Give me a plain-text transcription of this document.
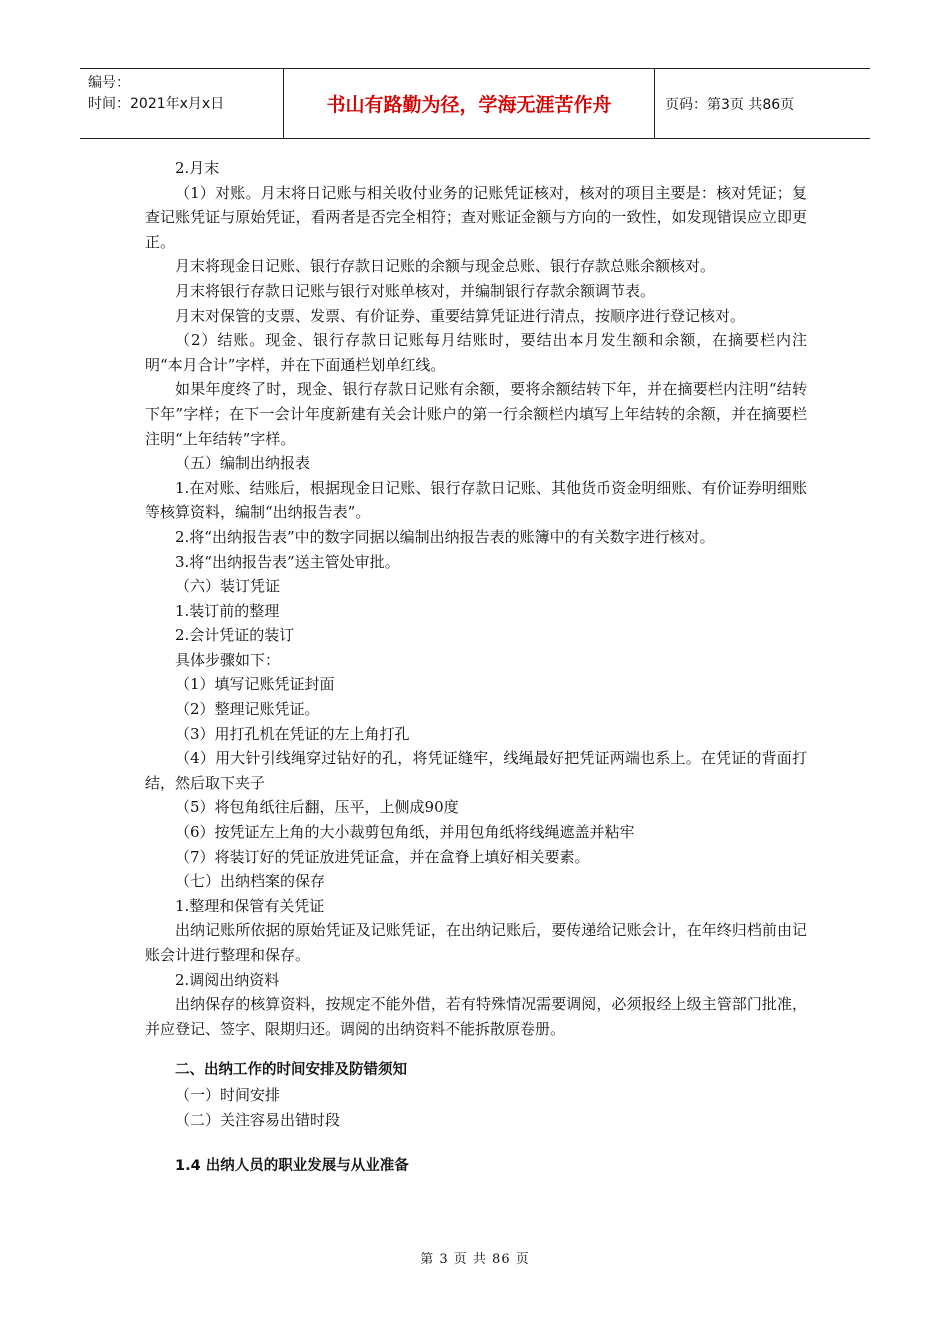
编号：
时间：2021年x月x日	书山有路勤为径，学海无涯苦作舟	页码：第3页 共86页

2.月末

（1）对账。月末将日记账与相关收付业务的记账凭证核对，核对的项目主要是：核对凭证；复查记账凭证与原始凭证，看两者是否完全相符；查对账证金额与方向的一致性，如发现错误应立即更正。

月末将现金日记账、银行存款日记账的余额与现金总账、银行存款总账余额核对。

月末将银行存款日记账与银行对账单核对，并编制银行存款余额调节表。

月末对保管的支票、发票、有价证券、重要结算凭证进行清点，按顺序进行登记核对。

（2）结账。现金、银行存款日记账每月结账时，要结出本月发生额和余额，在摘要栏内注明“本月合计”字样，并在下面通栏划单红线。

如果年度终了时，现金、银行存款日记账有余额，要将余额结转下年，并在摘要栏内注明“结转下年”字样；在下一会计年度新建有关会计账户的第一行余额栏内填写上年结转的余额，并在摘要栏注明“上年结转”字样。

（五）编制出纳报表

1.在对账、结账后，根据现金日记账、银行存款日记账、其他货币资金明细账、有价证券明细账等核算资料，编制“出纳报告表”。

2.将“出纳报告表”中的数字同据以编制出纳报告表的账簿中的有关数字进行核对。

3.将“出纳报告表”送主管处审批。

（六）装订凭证

1.装订前的整理

2.会计凭证的装订

具体步骤如下：

（1）填写记账凭证封面

（2）整理记账凭证。

（3）用打孔机在凭证的左上角打孔

（4）用大针引线绳穿过钻好的孔，将凭证缝牢，线绳最好把凭证两端也系上。在凭证的背面打结，然后取下夹子

（5）将包角纸往后翻，压平，上侧成90度

（6）按凭证左上角的大小裁剪包角纸，并用包角纸将线绳遮盖并粘牢

（7）将装订好的凭证放进凭证盒，并在盒脊上填好相关要素。

（七）出纳档案的保存

1.整理和保管有关凭证

出纳记账所依据的原始凭证及记账凭证，在出纳记账后，要传递给记账会计，在年终归档前由记账会计进行整理和保存。

2.调阅出纳资料

出纳保存的核算资料，按规定不能外借，若有特殊情况需要调阅，必须报经上级主管部门批准，并应登记、签字、限期归还。调阅的出纳资料不能拆散原卷册。

二、出纳工作的时间安排及防错须知

（一）时间安排

（二）关注容易出错时段

1.4 出纳人员的职业发展与从业准备

第 3 页 共 86 页
